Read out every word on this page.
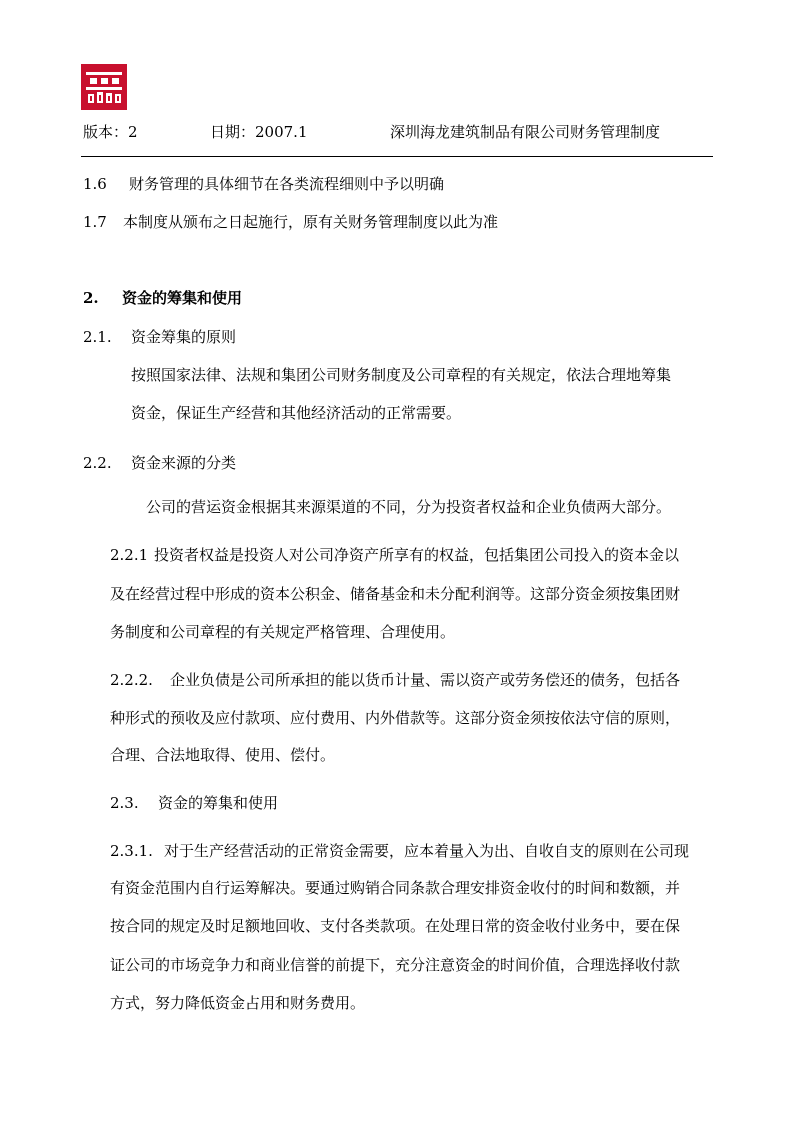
版本：2	日期：2007.1	深圳海龙建筑制品有限公司财务管理制度
1.6 财务管理的具体细节在各类流程细则中予以明确
1.7 本制度从颁布之日起施行，原有关财务管理制度以此为准
2. 资金的筹集和使用
2.1. 资金筹集的原则
按照国家法律、法规和集团公司财务制度及公司章程的有关规定，依法合理地筹集
资金，保证生产经营和其他经济活动的正常需要。
2.2. 资金来源的分类
公司的营运资金根据其来源渠道的不同，分为投资者权益和企业负债两大部分。
2.2.1 投资者权益是投资人对公司净资产所享有的权益，包括集团公司投入的资本金以
及在经营过程中形成的资本公积金、储备基金和未分配利润等。这部分资金须按集团财
务制度和公司章程的有关规定严格管理、合理使用。
2.2.2. 企业负债是公司所承担的能以货币计量、需以资产或劳务偿还的债务，包括各
种形式的预收及应付款项、应付费用、内外借款等。这部分资金须按依法守信的原则，
合理、合法地取得、使用、偿付。
2.3. 资金的筹集和使用
2.3.1. 对于生产经营活动的正常资金需要，应本着量入为出、自收自支的原则在公司现
有资金范围内自行运筹解决。要通过购销合同条款合理安排资金收付的时间和数额，并
按合同的规定及时足额地回收、支付各类款项。在处理日常的资金收付业务中，要在保
证公司的市场竞争力和商业信誉的前提下，充分注意资金的时间价值，合理选择收付款
方式，努力降低资金占用和财务费用。
